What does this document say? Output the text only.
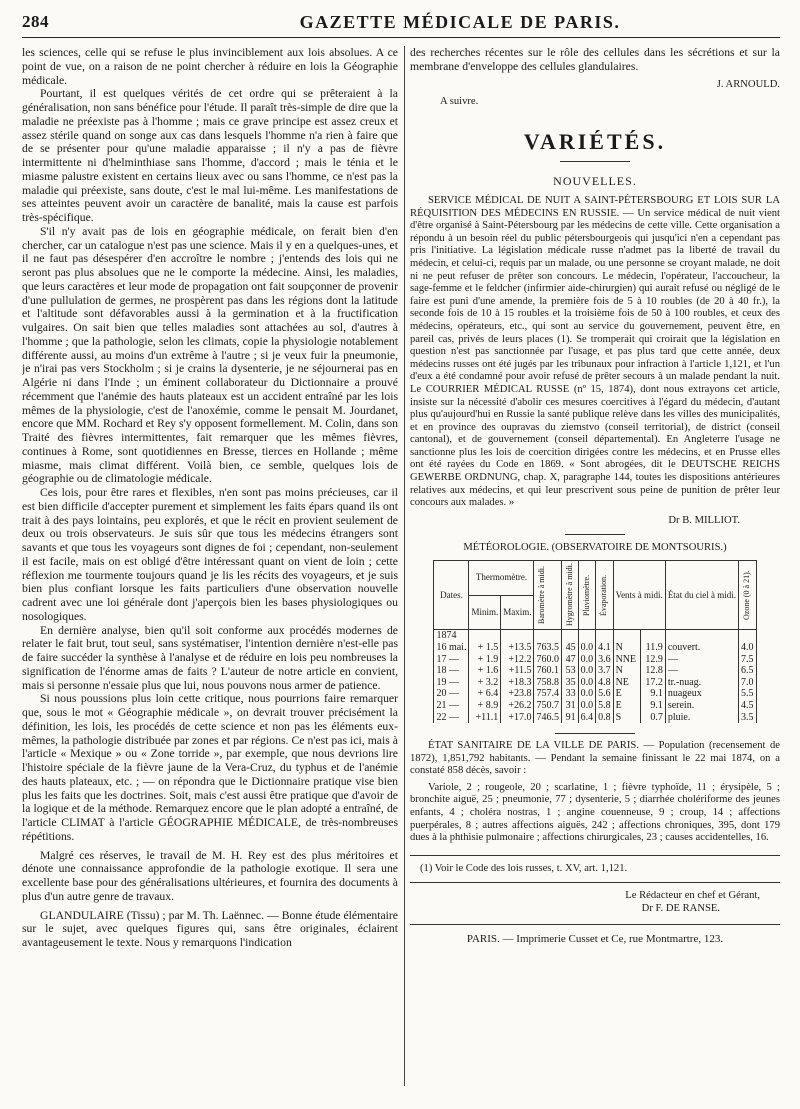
284	GAZETTE MÉDICALE DE PARIS.

les sciences, celle qui se refuse le plus invinciblement aux lois absolues. A ce point de vue, on a raison de ne point chercher à réduire en lois la Géographie médicale.

Pourtant, il est quelques vérités de cet ordre qui se prêteraient à la généralisation, non sans bénéfice pour l'étude. Il paraît très-simple de dire que la maladie ne préexiste pas à l'homme ; mais ce grave principe est assez creux et assez stérile quand on songe aux cas dans lesquels l'homme n'a rien à faire que de se présenter pour qu'une maladie apparaisse ; il n'y a pas de fièvre intermittente ni d'helminthiase sans l'homme, d'accord ; mais le ténia et le miasme palustre existent en certains lieux avec ou sans l'homme, ce n'est pas la maladie qui préexiste, sans doute, c'est le mal lui-même. Les manifestations de ses atteintes peuvent avoir un caractère de banalité, mais la cause est parfois très-spécifique.

S'il n'y avait pas de lois en géographie médicale, on ferait bien d'en chercher, car un catalogue n'est pas une science. Mais il y en a quelques-unes, et il ne faut pas désespérer d'en accroître le nombre ; j'entends des lois qui ne seront pas plus absolues que ne le comporte la médecine. Ainsi, les maladies, que leurs caractères et leur mode de propagation ont fait soupçonner de provenir d'une pullulation de germes, ne prospèrent pas dans les régions dont la latitude et l'altitude sont défavorables aussi à la germination et à la fructification vulgaires. On sait bien que telles maladies sont attachées au sol, d'autres à l'homme ; que la pathologie, selon les climats, copie la physiologie notablement différente aussi, au moins d'un extrême à l'autre ; si je veux fuir la pneumonie, je n'irai pas vers Stockholm ; si je crains la dysenterie, je ne séjournerai pas en Algérie ni dans l'Inde ; un éminent collaborateur du Dictionnaire a prouvé récemment que l'anémie des hauts plateaux est un accident entraîné par les lois mêmes de la physiologie, c'est de l'anoxémie, comme le pensait M. Jourdanet, encore que MM. Rochard et Rey s'y opposent formellement. M. Colin, dans son Traité des fièvres intermittentes, fait remarquer que les mêmes fièvres, continues à Rome, sont quotidiennes en Bresse, tierces en Hollande ; même miasme, mais climat différent. Voilà bien, ce semble, quelques lois de géographie ou de climatologie médicale.

Ces lois, pour être rares et flexibles, n'en sont pas moins précieuses, car il est bien difficile d'accepter purement et simplement les faits épars quand ils ont trait à des pays lointains, peu explorés, et que le récit en provient seulement de deux ou trois observateurs. Je suis sûr que tous les médecins étrangers sont savants et que tous les voyageurs sont dignes de foi ; cependant, non-seulement il est facile, mais on est obligé d'être intéressant quant on vient de loin ; cette réflexion me tourmente toujours quand je lis les récits des voyageurs, et je suis bien plus confiant lorsque les faits particuliers d'une observation nouvelle cadrent avec une loi générale dont j'aperçois bien les bases physiologiques ou nosologiques.

En dernière analyse, bien qu'il soit conforme aux procédés modernes de relater le fait brut, tout seul, sans systématiser, l'intention dernière n'est-elle pas de faire succéder la synthèse à l'analyse et de réduire en lois peu nombreuses la signification de l'énorme amas de faits ? L'auteur de notre article en convient, mais si personne n'essaie plus que lui, nous pouvons nous armer de patience.

Si nous poussions plus loin cette critique, nous pourrions faire remarquer que, sous le mot « Géographie médicale », on devrait trouver précisément la définition, les lois, les procédés de cette science et non pas les éléments eux-mêmes, la pathologie distribuée par zones et par régions. Ce n'est pas ici, mais à l'article « Mexique » ou « Zone torride », par exemple, que nous devrions lire l'histoire spéciale de la fièvre jaune de la Vera-Cruz, du typhus et de l'anémie des hauts plateaux, etc. ; — on répondra que le Dictionnaire pratique vise bien plus les faits que les doctrines. Soit, mais c'est aussi être pratique que d'avoir de la logique et de la méthode. Remarquez encore que le plan adopté a entraîné, de l'article CLIMAT à l'article GÉOGRAPHIE MÉDICALE, de très-nombreuses répétitions.

Malgré ces réserves, le travail de M. H. Rey est des plus méritoires et dénote une connaissance approfondie de la pathologie exotique. Il sera une excellente base pour des généralisations ultérieures, et fournira des documents à plus d'un autre genre de travaux.

GLANDULAIRE (Tissu) ; par M. Th. Laënnec. — Bonne étude élémentaire sur le sujet, avec quelques figures qui, sans être originales, éclairent avantageusement le texte. Nous y remarquons l'indication

des recherches récentes sur le rôle des cellules dans les sécrétions et sur la membrane d'enveloppe des cellules glandulaires.

J. ARNOULD.

A suivre.

VARIÉTÉS.
NOUVELLES.

SERVICE MÉDICAL DE NUIT A SAINT-PÉTERSBOURG ET LOIS SUR LA RÉQUISITION DES MÉDECINS EN RUSSIE. — Un service médical de nuit vient d'être organisé à Saint-Pétersbourg par les médecins de cette ville. Cette organisation a répondu à un besoin réel du public pétersbourgeois qui jusqu'ici n'en a cependant pas pris l'initiative. La législation médicale russe n'admet pas la liberté de travail du médecin, et celui-ci, requis par un malade, ou une personne se croyant malade, ne doit ni ne peut refuser de prêter son concours. Le médecin, l'opérateur, l'accoucheur, la sage-femme et le feldcher (infirmier aide-chirurgien) qui aurait refusé ou négligé de le faire est puni d'une amende, la première fois de 5 à 10 roubles (de 20 à 40 fr.), la seconde fois de 10 à 15 roubles et la troisième fois de 50 à 100 roubles, et ceux des médecins, opérateurs, etc., qui sont au service du gouvernement, peuvent être, en pareil cas, privés de leurs places (1). Se tromperait qui croirait que la législation en question n'est pas sanctionnée par l'usage, et pas plus tard que cette année, deux médecins russes ont été jugés par les tribunaux pour infraction à l'article 1,121, et l'un d'eux a été condamné pour avoir refusé de prêter secours à un malade pendant la nuit. Le COURRIER MÉDICAL RUSSE (nº 15, 1874), dont nous extrayons cet article, insiste sur la nécessité d'abolir ces mesures coercitives à l'égard du médecin, d'autant plus qu'aujourd'hui en Russie la santé publique relève dans les villes des municipalités, et en province des oupravas du ziemstvo (conseil territorial), de district (conseil cantonal), et de gouvernement (conseil départemental). En Angleterre l'usage ne sanctionne plus les lois de coercition dirigées contre les médecins, et en Prusse elles ont été rayées du Code en 1869. « Sont abrogées, dit le DEUTSCHE REICHS GEWERBE ORDNUNG, chap. X, paragraphe 144, toutes les dispositions antérieures relatives aux médecins, et qui leur prescrivent sous peine de punition de prêter leur concours aux malades. »

Dr B. MILLIOT.

MÉTÉOROLOGIE. (OBSERVATOIRE DE MONTSOURIS.)

Dates.	Thermomètre.		Baromètre à midi.	Hygromètre à midi.	Pluviomètre.	Évaporation.	Vents à midi.		État du ciel à midi.	Ozone (0 à 21).

	Minim.	Maxim.								
1874										
16 mai.	+ 1.5	+13.5	763.5	45	0.0	4.1	N	11.9	couvert.	4.0
17 —	+ 1.9	+12.2	760.0	47	0.0	3.6	NNE	12.9	—	7.5
18 —	+ 1.6	+11.5	760.1	53	0.0	3.7	N	12.8	—	6.5
19 —	+ 3.2	+18.3	758.8	35	0.0	4.8	NE	17.2	tr.-nuag.	7.0
20 —	+ 6.4	+23.8	757.4	33	0.0	5.6	E	9.1	nuageux	5.5
21 —	+ 8.9	+26.2	750.7	31	0.0	5.8	E	9.1	serein.	4.5
22 —	+11.1	+17.0	746.5	91	6.4	0.8	S	0.7	pluie.	3.5

ÉTAT SANITAIRE DE LA VILLE DE PARIS. — Population (recensement de 1872), 1,851,792 habitants. — Pendant la semaine finissant le 22 mai 1874, on a constaté 858 décès, savoir :

Variole, 2 ; rougeole, 20 ; scarlatine, 1 ; fièvre typhoïde, 11 ; érysipèle, 5 ; bronchite aiguë, 25 ; pneumonie, 77 ; dysenterie, 5 ; diarrhée cholériforme des jeunes enfants, 4 ; choléra nostras, 1 ; angine couenneuse, 9 ; croup, 14 ; affections puerpérales, 8 ; autres affections aiguës, 242 ; affections chroniques, 395, dont 179 dues à la phthisie pulmonaire ; affections chirurgicales, 23 ; causes accidentelles, 16.

(1) Voir le Code des lois russes, t. XV, art. 1,121.

Le Rédacteur en chef et Gérant,

Dr F. DE RANSE.

PARIS. — Imprimerie Cusset et Ce, rue Montmartre, 123.
